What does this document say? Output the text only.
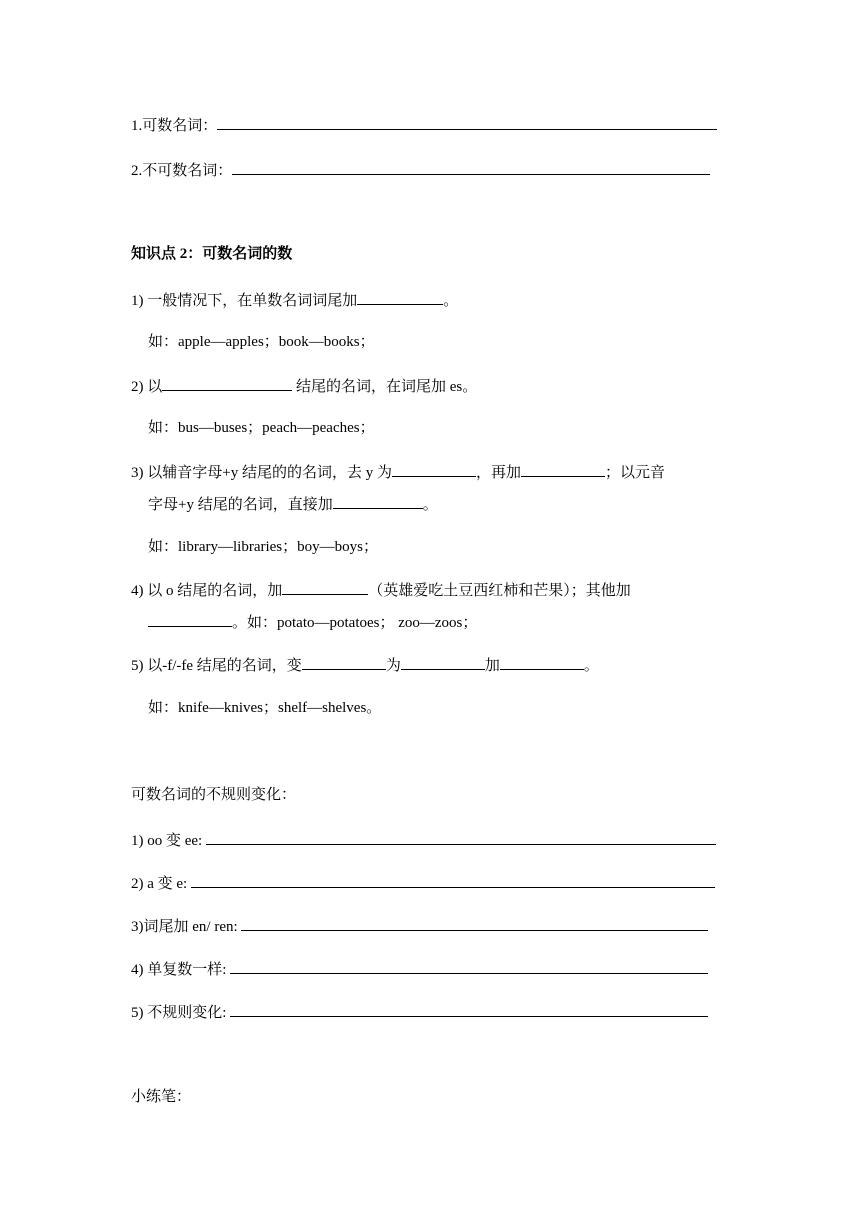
1.可数名词：
2.不可数名词：
知识点 2：可数名词的数
1) 一般情况下，在单数名词词尾加	。
如：apple—apples；book—books；
2) 以	结尾的名词，在词尾加 es。
如：bus—buses；peach—peaches；
3) 以辅音字母+y 结尾的的名词，去 y 为	，再加	；以元音
字母+y 结尾的名词，直接加	。
如：library—libraries；boy—boys；
4) 以 o 结尾的名词，加	（英雄爱吃土豆西红柿和芒果）；其他加
。如：potato—potatoes； zoo—zoos；
5) 以-f/-fe 结尾的名词，变	为	加	。
如：knife—knives；shelf—shelves。
可数名词的不规则变化：
1) oo 变 ee:
2) a 变 e:
3)词尾加 en/ ren:
4) 单复数一样:
5) 不规则变化:
小练笔：
